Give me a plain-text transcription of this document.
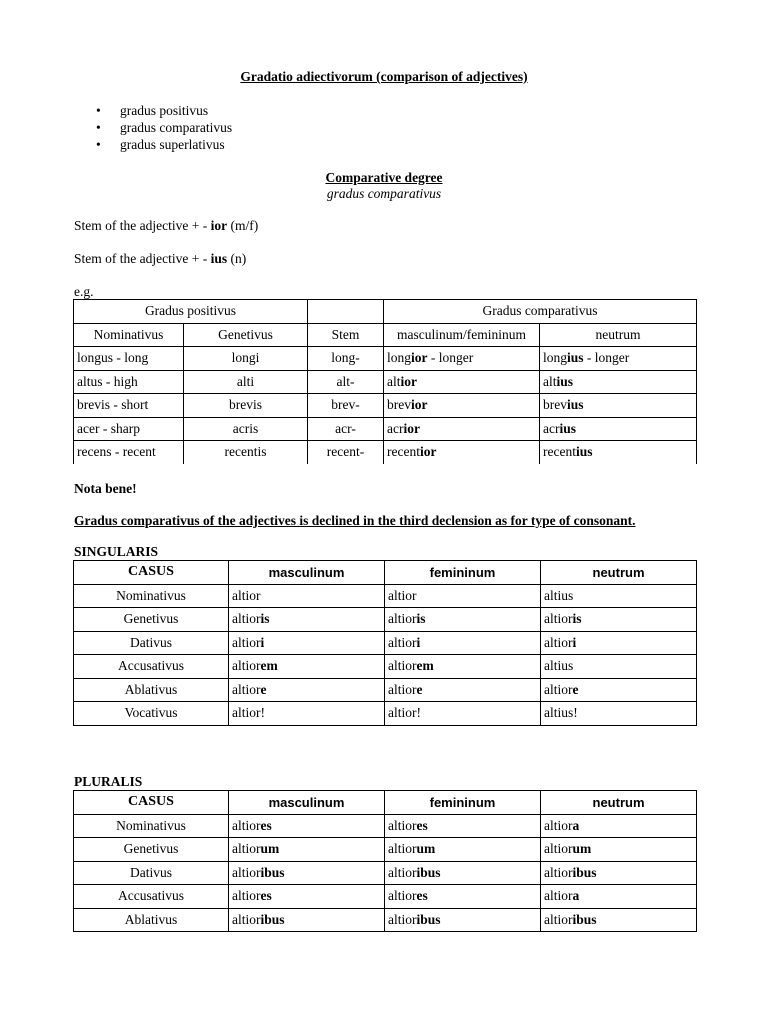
Gradatio adiectivorum (comparison of adjectives)
• gradus positivus
• gradus comparativus
• gradus superlativus
Comparative degree
gradus comparativus
Stem of the adjective + - ior (m/f)
Stem of the adjective + - ius (n)
e.g.
Gradus positivus			Gradus comparativus	
Nominativus	Genetivus	Stem	masculinum/femininum	neutrum
longus - long	longi	long-	longior - longer	longius - longer
altus - high	alti	alt-	altior	altius
brevis - short	brevis	brev-	brevior	brevius
acer - sharp	acris	acr-	acrior	acrius
recens - recent	recentis	recent-	recentior	recentius
Nota bene!
Gradus comparativus of the adjectives is declined in the third declension as for type of consonant.
SINGULARIS
CASUS	masculinum	femininum	neutrum
Nominativus	altior	altior	altius
Genetivus	altioris	altioris	altioris
Dativus	altiori	altiori	altiori
Accusativus	altiorem	altiorem	altius
Ablativus	altiore	altiore	altiore
Vocativus	altior!	altior!	altius!
PLURALIS
CASUS	masculinum	femininum	neutrum
Nominativus	altiores	altiores	altiora
Genetivus	altiorum	altiorum	altiorum
Dativus	altioribus	altioribus	altioribus
Accusativus	altiores	altiores	altiora
Ablativus	altioribus	altioribus	altioribus
